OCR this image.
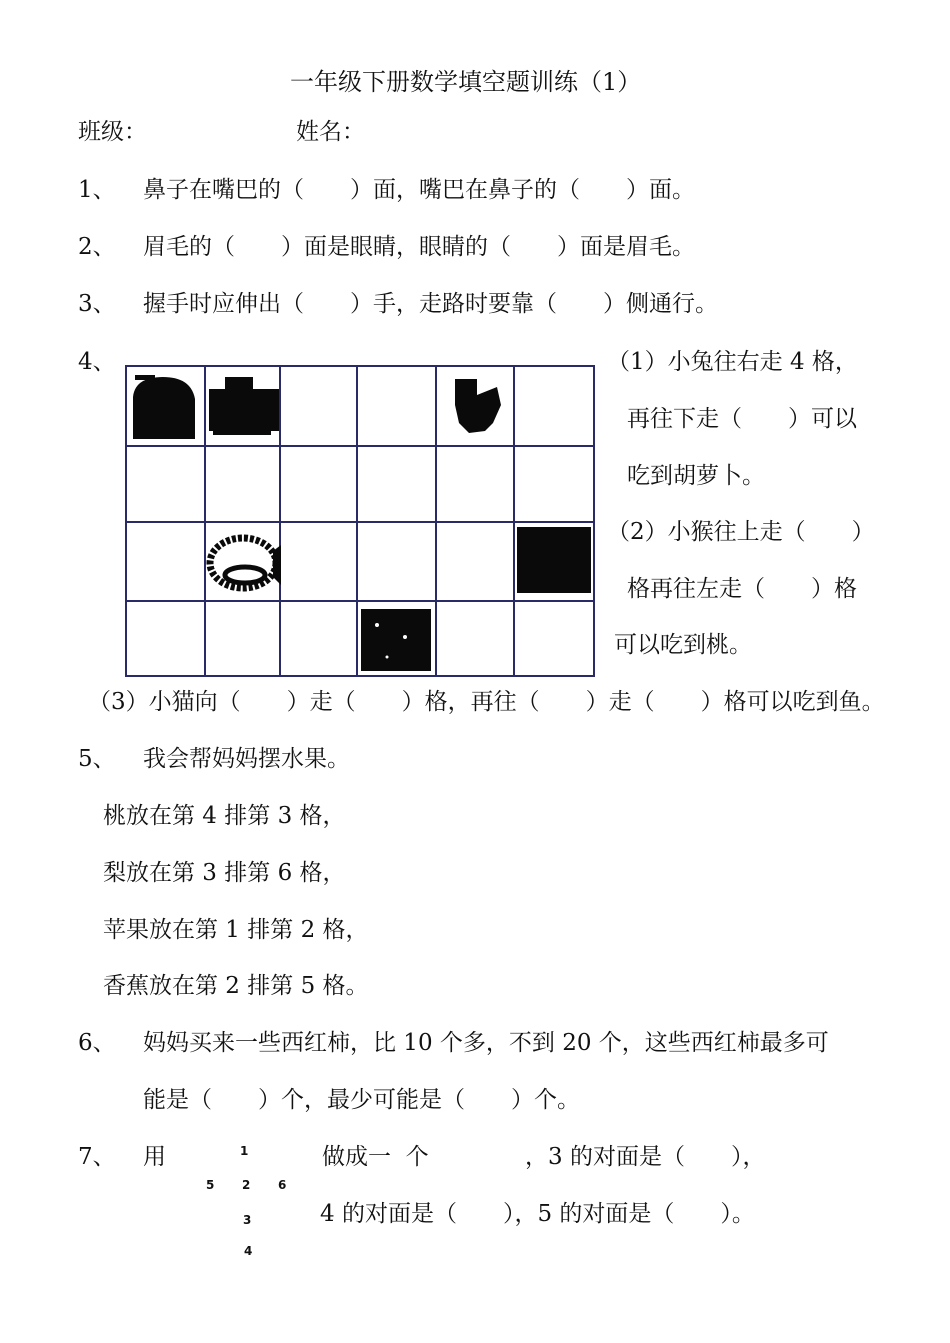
一年级下册数学填空题训练（1）
班级：	姓名：
1、 鼻子在嘴巴的（　　）面，嘴巴在鼻子的（　　）面。
2、 眉毛的（　　）面是眼睛，眼睛的（　　）面是眉毛。
3、 握手时应伸出（　　）手，走路时要靠（　　）侧通行。
4、	（1）小兔往右走 4 格，
再往下走（　　）可以
吃到胡萝卜。
（2）小猴往上走（　　）
格再往左走（　　）格
可以吃到桃。
（3）小猫向（　　）走（　　）格，再往（　　）走（　　）格可以吃到鱼。
5、 我会帮妈妈摆水果。
桃放在第 4 排第 3 格，
梨放在第 3 排第 6 格，
苹果放在第 1 排第 2 格，
香蕉放在第 2 排第 5 格。
6、 妈妈买来一些西红柿，比 10 个多，不到 20 个，这些西红柿最多可
能是（　　）个，最少可能是（　　）个。
7、 用	1
5 2 6
3
4
做成一  个	，3 的对面是（　　），
4 的对面是（　　），5 的对面是（　　）。
